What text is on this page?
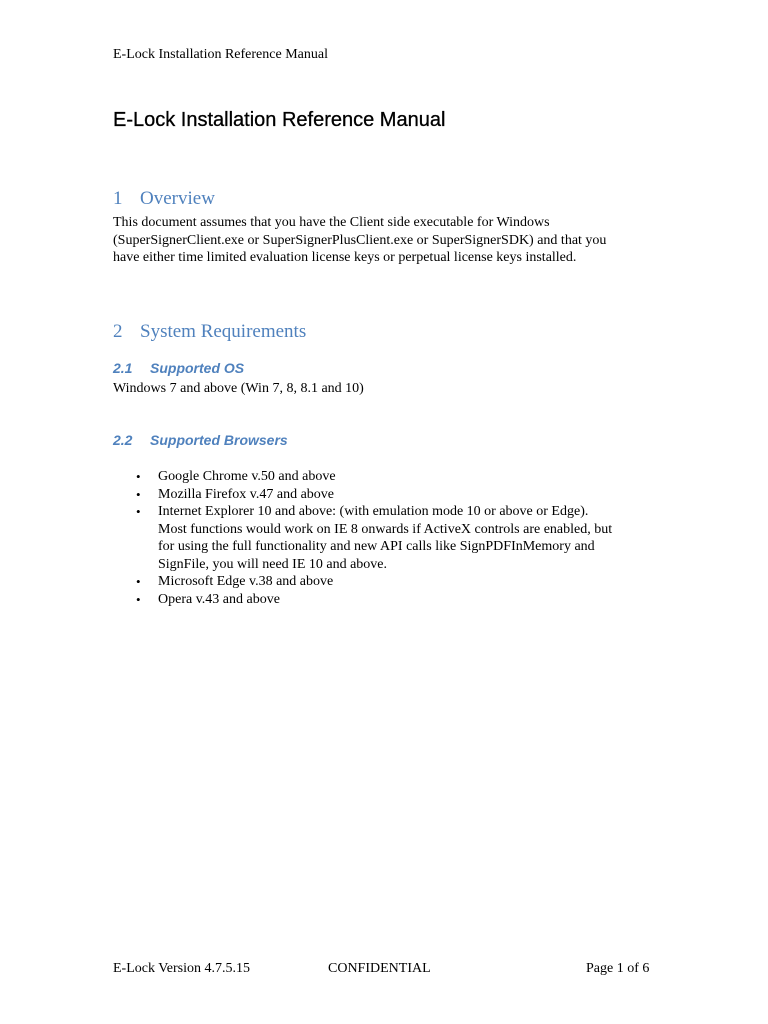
E-Lock Installation Reference Manual
E-Lock Installation Reference Manual
1 Overview

This document assumes that you have the Client side executable for Windows
(SuperSignerClient.exe or SuperSignerPlusClient.exe or SuperSignerSDK) and that you
have either time limited evaluation license keys or perpetual license keys installed.

2 System Requirements
2.1 Supported OS

Windows 7 and above (Win 7, 8, 8.1 and 10)

2.2 Supported Browsers
• Google Chrome v.50 and above
• Mozilla Firefox v.47 and above
• Internet Explorer 10 and above: (with emulation mode 10 or above or Edge).
Most functions would work on IE 8 onwards if ActiveX controls are enabled, but
for using the full functionality and new API calls like SignPDFInMemory and
SignFile, you will need IE 10 and above.
• Microsoft Edge v.38 and above
• Opera v.43 and above
E-Lock Version 4.7.5.15	CONFIDENTIAL	Page 1 of 6
